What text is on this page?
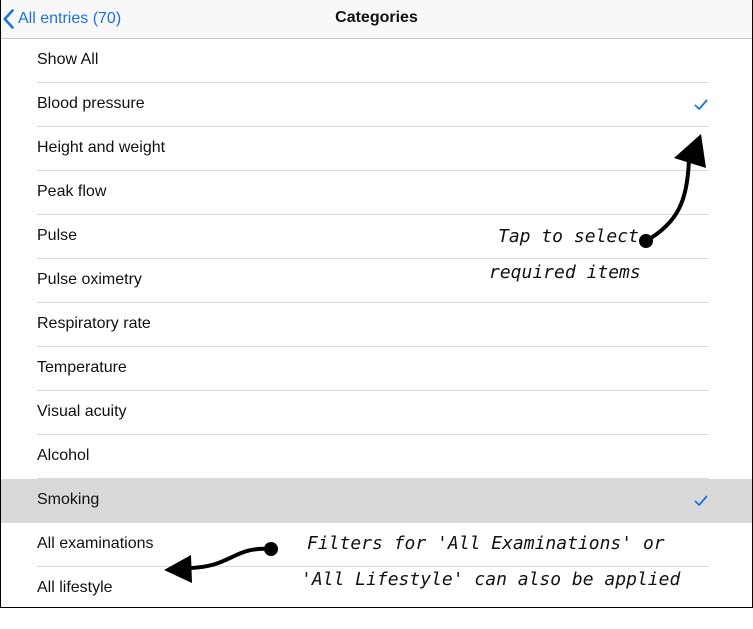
All entries (70)	Categories
Show All
Blood pressure
Height and weight
Peak flow
Pulse
Pulse oximetry
Respiratory rate
Temperature
Visual acuity
Alcohol
Smoking
All examinations
All lifestyle
Tap to select
required items
Filters for 'All Examinations' or
'All Lifestyle' can also be applied
